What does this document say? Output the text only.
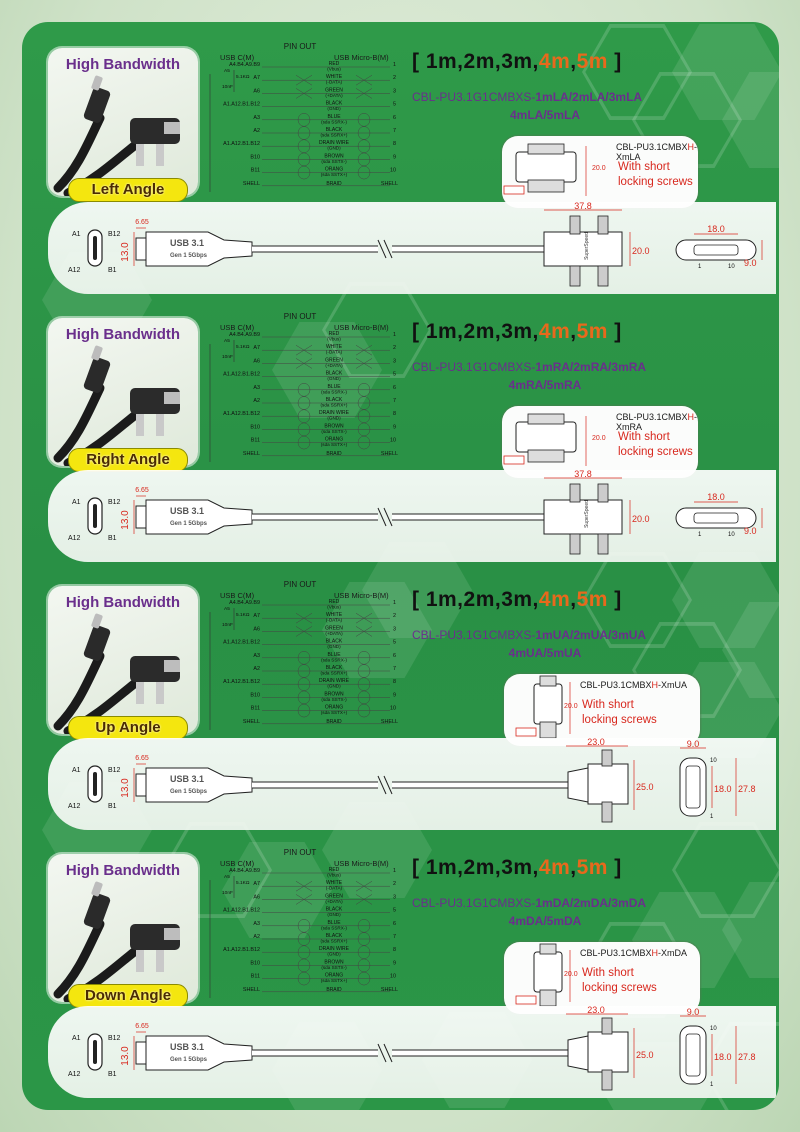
High Bandwidth
Left Angle
PIN OUT
USB C(M)	USB Micro-B(M)
5.1KΩ
10nF
A5
A4.B4.A9.B9	RED
(Vbus)
1
A7	WHITE
(-DATA)
2
A6	GREEN
(+DATA)
3
A1.A12.B1.B12	BLACK
(GND)
5
A3	BLUE
(sda SSRX-)
6
A2	BLACK
(sda SSRX+)
7
A1.A12.B1.B12	DRAIN WIRE
(GND)
8
B10	BROWN
(sda SSTX-)
9
B11	ORANG
(sda SSTX+)
10
SHELL	BRAID	SHELL
[ 1m,2m,3m,4m,5m ]
CBL-PU3.1G1CMBXS-1mLA/2mLA/3mLA
4mLA/5mLA
CBL-PU3.1CMBXH-XmLA
20.0 With short
locking screws
A1	B12
A12	B1
USB 3.1
Gen 1 5Gbps
13.0
6.65
SuperSpeed
37.8
20.0
18.0
9.0
1	10
High Bandwidth
Right Angle
PIN OUT
USB C(M)	USB Micro-B(M)
5.1KΩ
10nF
A5
A4.B4.A9.B9	RED
(Vbus)
1
A7	WHITE
(-DATA)
2
A6	GREEN
(+DATA)
3
A1.A12.B1.B12	BLACK
(GND)
5
A3	BLUE
(sda SSRX-)
6
A2	BLACK
(sda SSRX+)
7
A1.A12.B1.B12	DRAIN WIRE
(GND)
8
B10	BROWN
(sda SSTX-)
9
B11	ORANG
(sda SSTX+)
10
SHELL	BRAID	SHELL
[ 1m,2m,3m,4m,5m ]
CBL-PU3.1G1CMBXS-1mRA/2mRA/3mRA
4mRA/5mRA
CBL-PU3.1CMBXH-XmRA
20.0 With short
locking screws
A1	B12
A12	B1
USB 3.1
Gen 1 5Gbps
13.0
6.65
SuperSpeed
37.8
20.0
18.0
9.0
1	10
High Bandwidth
Up Angle
PIN OUT
USB C(M)	USB Micro-B(M)
5.1KΩ
10nF
A5
A4.B4.A9.B9	RED
(Vbus)
1
A7	WHITE
(-DATA)
2
A6	GREEN
(+DATA)
3
A1.A12.B1.B12	BLACK
(GND)
5
A3	BLUE
(sda SSRX-)
6
A2	BLACK
(sda SSRX+)
7
A1.A12.B1.B12	DRAIN WIRE
(GND)
8
B10	BROWN
(sda SSTX-)
9
B11	ORANG
(sda SSTX+)
10
SHELL	BRAID	SHELL
[ 1m,2m,3m,4m,5m ]
CBL-PU3.1G1CMBXS-1mUA/2mUA/3mUA
4mUA/5mUA
CBL-PU3.1CMBXH-XmUA
20.0 With short
locking screws
A1	B12
A12	B1
USB 3.1
Gen 1 5Gbps
13.0
6.65
23.0
25.0
9.0
18.0 27.8
10
1
High Bandwidth
Down Angle
PIN OUT
USB C(M)	USB Micro-B(M)
5.1KΩ
10nF
A5
A4.B4.A9.B9	RED
(Vbus)
1
A7	WHITE
(-DATA)
2
A6	GREEN
(+DATA)
3
A1.A12.B1.B12	BLACK
(GND)
5
A3	BLUE
(sda SSRX-)
6
A2	BLACK
(sda SSRX+)
7
A1.A12.B1.B12	DRAIN WIRE
(GND)
8
B10	BROWN
(sda SSTX-)
9
B11	ORANG
(sda SSTX+)
10
SHELL	BRAID	SHELL
[ 1m,2m,3m,4m,5m ]
CBL-PU3.1G1CMBXS-1mDA/2mDA/3mDA
4mDA/5mDA
CBL-PU3.1CMBXH-XmDA
20.0 With short
locking screws
A1	B12
A12	B1
USB 3.1
Gen 1 5Gbps
13.0
6.65
23.0
25.0
9.0
18.0 27.8
10
1
